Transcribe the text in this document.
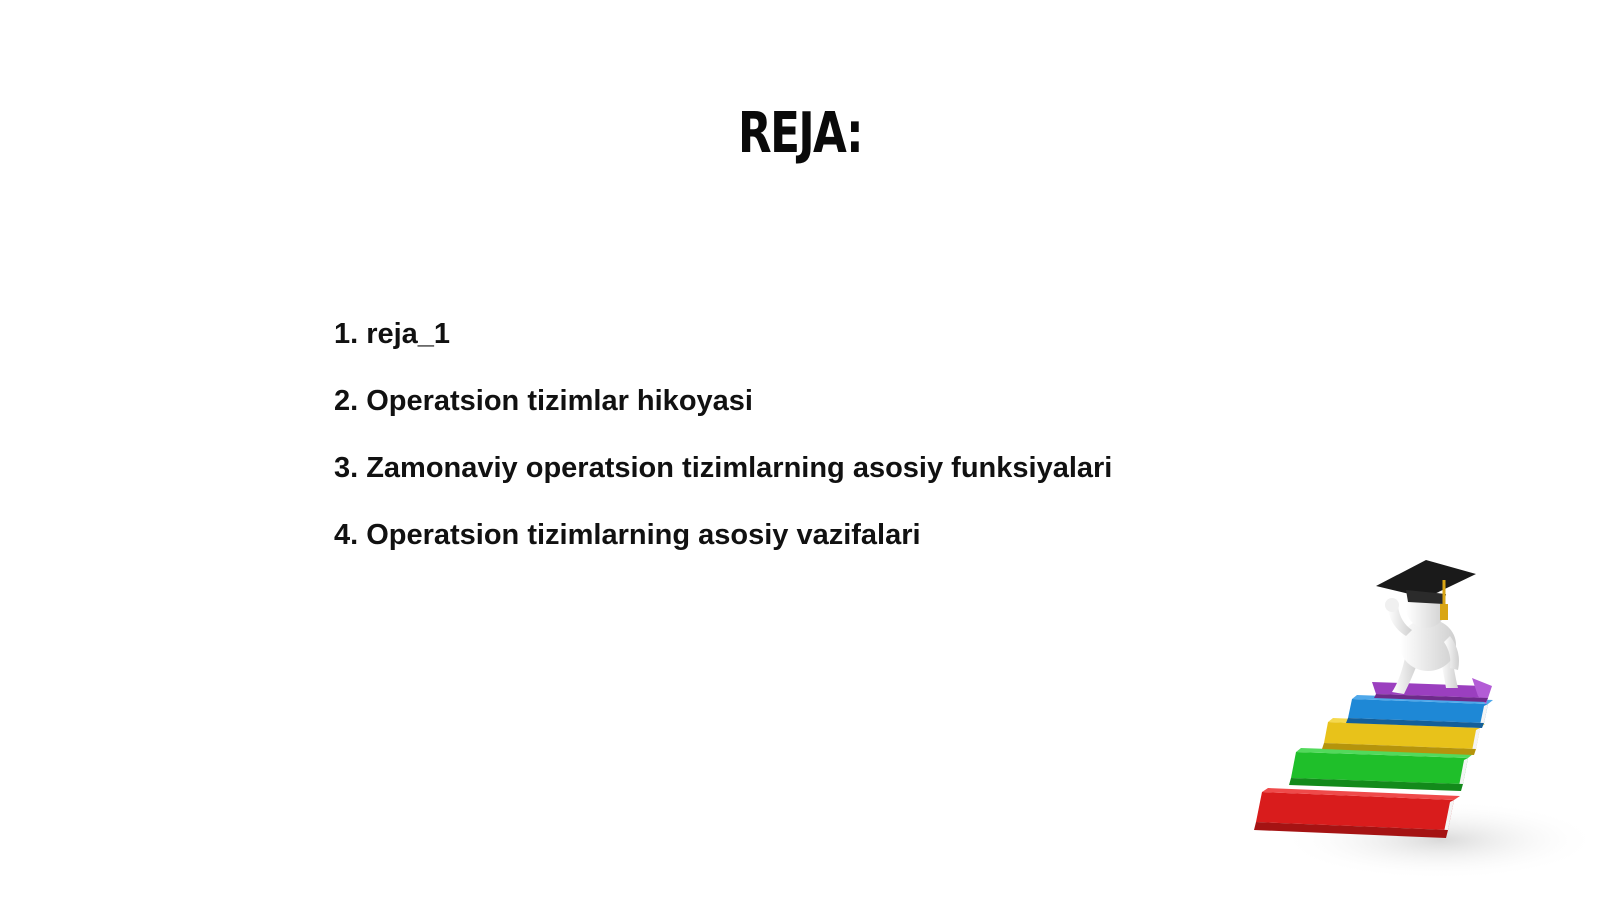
REJA:
1. reja_1
2. Operatsion tizimlar hikoyasi
3. Zamonaviy operatsion tizimlarning asosiy funksiyalari
4. Operatsion tizimlarning asosiy vazifalari
